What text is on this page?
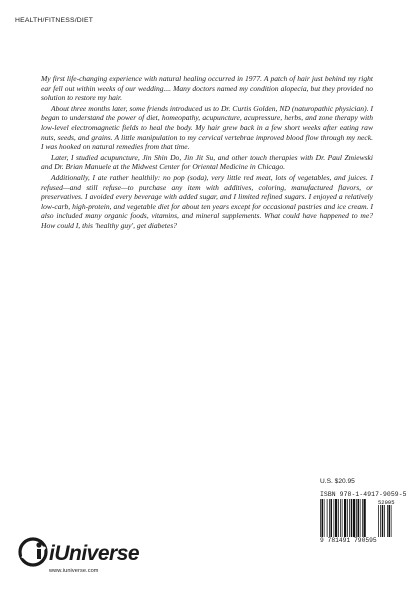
HEALTH/FITNESS/DIET

My first life-changing experience with natural healing occurred in 1977. A patch of hair just behind my right ear fell out within weeks of our wedding.... Many doctors named my condition alopecia, but they provided no solution to restore my hair.

About three months later, some friends introduced us to Dr. Curtis Golden, ND (naturopathic physician). I began to understand the power of diet, homeopathy, acupuncture, acupressure, herbs, and zone therapy with low-level electromagnetic fields to heal the body. My hair grew back in a few short weeks after eating raw nuts, seeds, and grains. A little manipulation to my cervical vertebrae improved blood flow through my neck. I was hooked on natural remedies from that time.

Later, I studied acupuncture, Jin Shin Do, Jin Jit Su, and other touch therapies with Dr. Paul Zmiewski and Dr. Brian Manuele at the Midwest Center for Oriental Medicine in Chicago.

Additionally, I ate rather healthily: no pop (soda), very little red meat, lots of vegetables, and juices. I refused—and still refuse—to purchase any item with additives, coloring, manufactured flavors, or preservatives. I avoided every beverage with added sugar, and I limited refined sugars. I enjoyed a relatively low-carb, high-protein, and vegetable diet for about ten years except for occasional pastries and ice cream. I also included many organic foods, vitamins, and mineral supplements. What could have happened to me? How could I, this 'healthy guy', get diabetes?

U.S. $20.95
ISBN 978-1-4917-9059-5
52095
9 781491 790595
iUniverse
www.iuniverse.com
